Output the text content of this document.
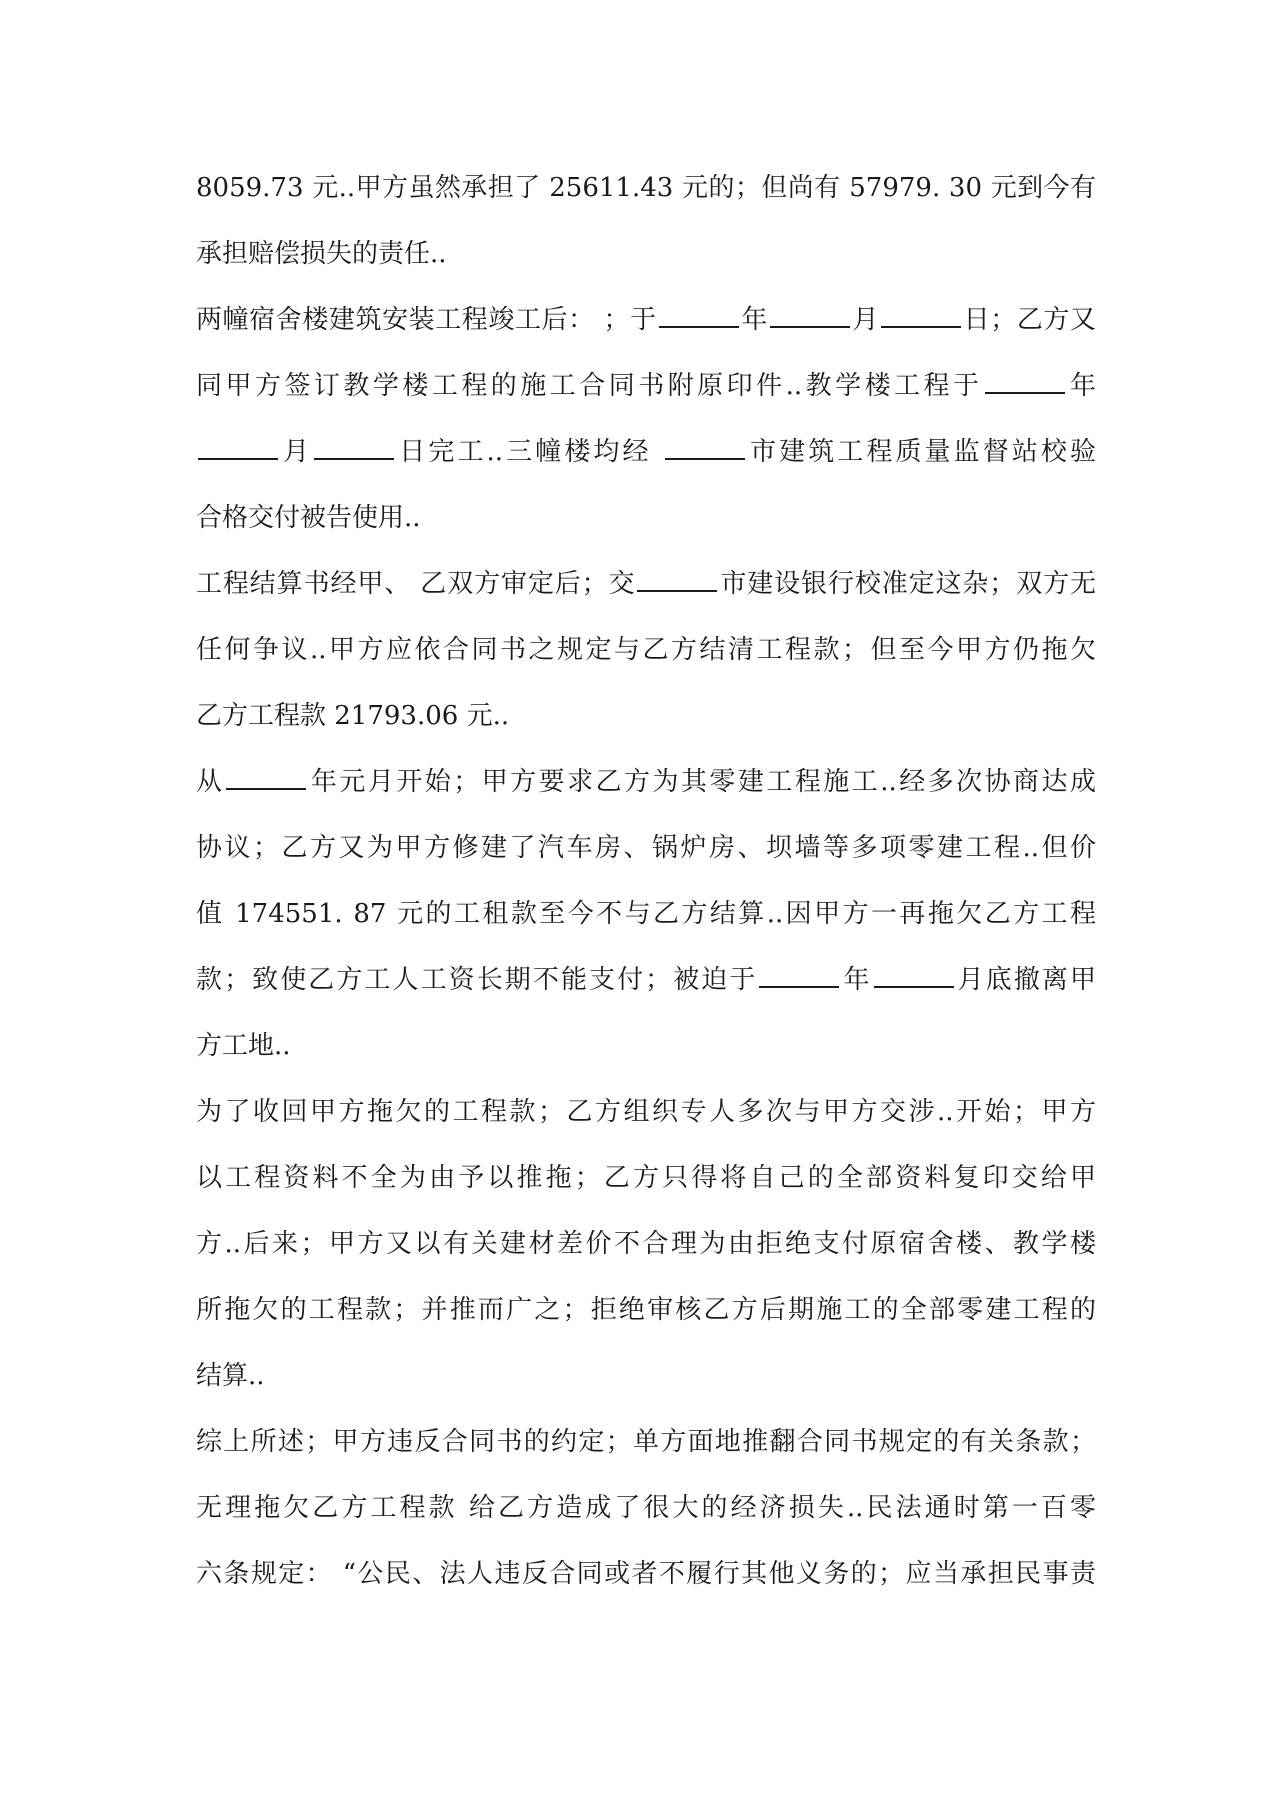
8059.73 元..甲方虽然承担了 25611.43 元的；但尚有 57979. 30 元到今有
承担赔偿损失的责任..
两幢宿舍楼建筑安装工程竣工后： ；于	年	月	日；乙方又
同甲方签订教学楼工程的施工合同书附原印件..教学楼工程于	年
月	日完工..三幢楼均经	市建筑工程质量监督站校验
合格交付被告使用..
工程结算书经甲、 乙双方审定后；交	市建设银行校准定这杂；双方无
任何争议..甲方应依合同书之规定与乙方结清工程款；但至今甲方仍拖欠
乙方工程款 21793.06 元..
从	年元月开始；甲方要求乙方为其零建工程施工..经多次协商达成
协议；乙方又为甲方修建了汽车房、锅炉房、坝墙等多项零建工程..但价
值 174551. 87 元的工租款至今不与乙方结算..因甲方一再拖欠乙方工程
款；致使乙方工人工资长期不能支付；被迫于	年	月底撤离甲
方工地..
为了收回甲方拖欠的工程款；乙方组织专人多次与甲方交涉..开始；甲方
以工程资料不全为由予以推拖；乙方只得将自己的全部资料复印交给甲
方..后来；甲方又以有关建材差价不合理为由拒绝支付原宿舍楼、教学楼
所拖欠的工程款；并推而广之；拒绝审核乙方后期施工的全部零建工程的
结算..
综上所述；甲方违反合同书的约定；单方面地推翻合同书规定的有关条款；
无理拖欠乙方工程款 给乙方造成了很大的经济损失..民法通时第一百零
六条规定： “公民、法人违反合同或者不履行其他义务的；应当承担民事责
